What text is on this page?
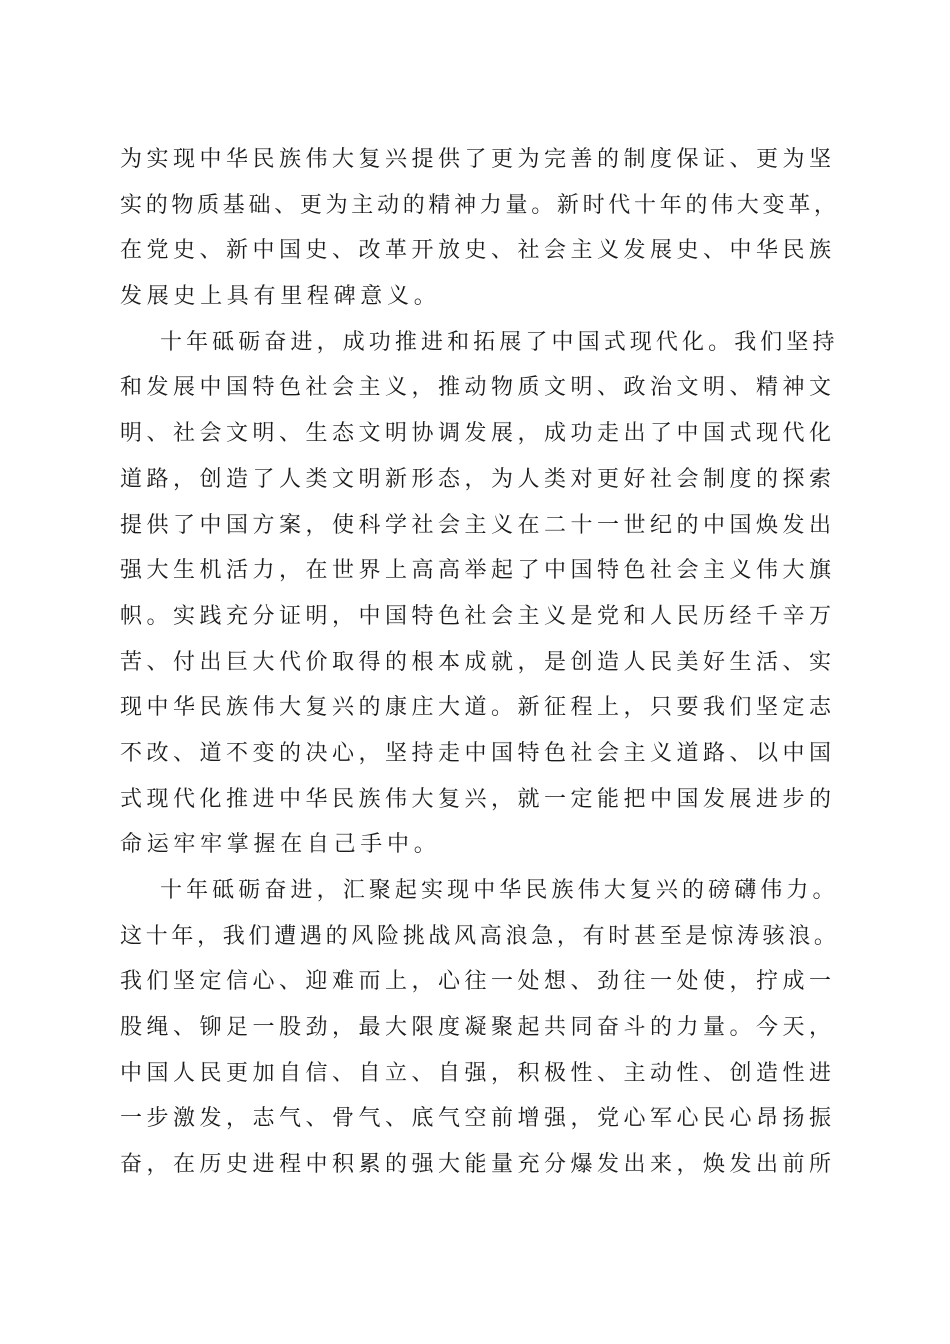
为实现中华民族伟大复兴提供了更为完善的制度保证、更为坚
实的物质基础、更为主动的精神力量。新时代十年的伟大变革，
在党史、新中国史、改革开放史、社会主义发展史、中华民族
发展史上具有里程碑意义。
十年砥砺奋进，成功推进和拓展了中国式现代化。我们坚持
和发展中国特色社会主义，推动物质文明、政治文明、精神文
明、社会文明、生态文明协调发展，成功走出了中国式现代化
道路，创造了人类文明新形态，为人类对更好社会制度的探索
提供了中国方案，使科学社会主义在二十一世纪的中国焕发出
强大生机活力，在世界上高高举起了中国特色社会主义伟大旗
帜。实践充分证明，中国特色社会主义是党和人民历经千辛万
苦、付出巨大代价取得的根本成就，是创造人民美好生活、实
现中华民族伟大复兴的康庄大道。新征程上，只要我们坚定志
不改、道不变的决心，坚持走中国特色社会主义道路、以中国
式现代化推进中华民族伟大复兴，就一定能把中国发展进步的
命运牢牢掌握在自己手中。
十年砥砺奋进，汇聚起实现中华民族伟大复兴的磅礴伟力。
这十年，我们遭遇的风险挑战风高浪急，有时甚至是惊涛骇浪。
我们坚定信心、迎难而上，心往一处想、劲往一处使，拧成一
股绳、铆足一股劲，最大限度凝聚起共同奋斗的力量。今天，
中国人民更加自信、自立、自强，积极性、主动性、创造性进
一步激发，志气、骨气、底气空前增强，党心军心民心昂扬振
奋，在历史进程中积累的强大能量充分爆发出来，焕发出前所
